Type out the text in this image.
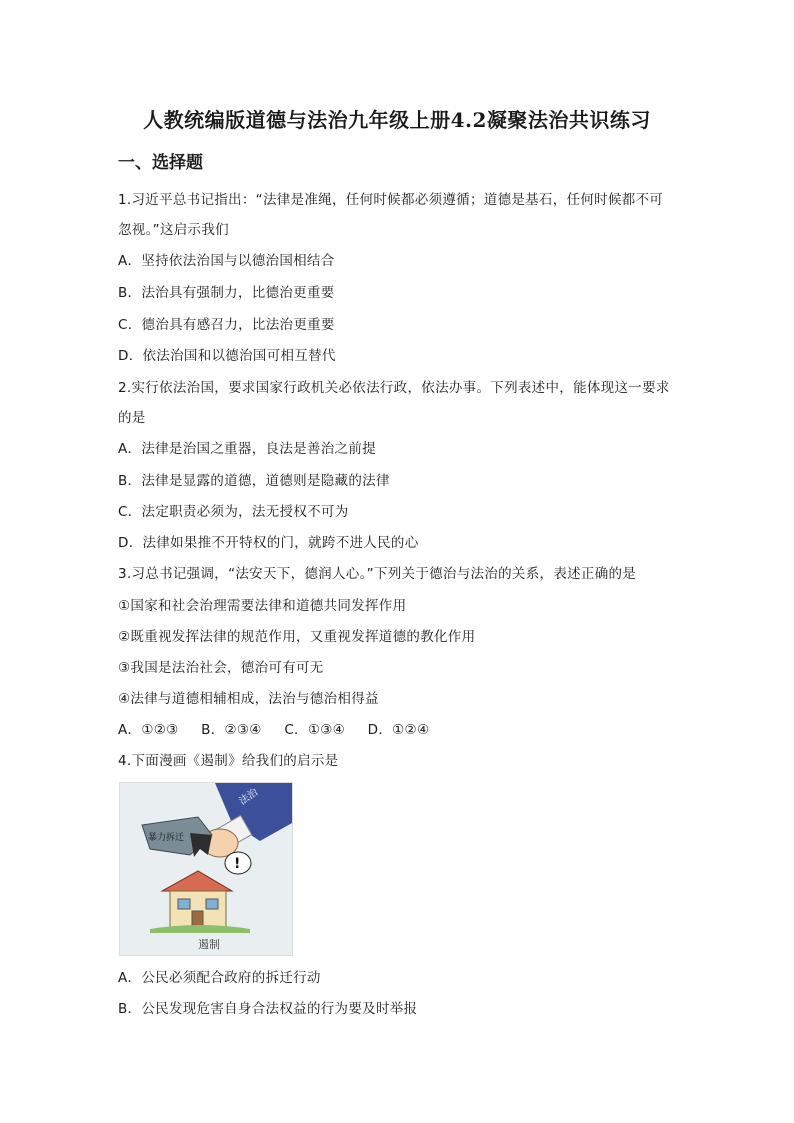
人教统编版道德与法治九年级上册4.2凝聚法治共识练习
一、选择题
1.习近平总书记指出：“法律是准绳，任何时候都必须遵循；道德是基石，任何时候都不可
忽视。”这启示我们
A．坚持依法治国与以德治国相结合
B．法治具有强制力，比德治更重要
C．德治具有感召力，比法治更重要
D．依法治国和以德治国可相互替代
2.实行依法治国，要求国家行政机关必依法行政，依法办事。下列表述中，能体现这一要求
的是
A．法律是治国之重器，良法是善治之前提
B．法律是显露的道德，道德则是隐藏的法律
C．法定职责必须为，法无授权不可为
D．法律如果推不开特权的门，就跨不进人民的心
3.习总书记强调，“法安天下，德润人心。”下列关于德治与法治的关系，表述正确的是
①国家和社会治理需要法律和道德共同发挥作用
②既重视发挥法律的规范作用，又重视发挥道德的教化作用
③我国是法治社会，德治可有可无
④法律与道德相辅相成，法治与德治相得益
A．①②③ B．②③④ C．①③④ D．①②④
4.下面漫画《遏制》给我们的启示是
法治
暴力拆迁
!
遏制
A．公民必须配合政府的拆迁行动
B．公民发现危害自身合法权益的行为要及时举报
